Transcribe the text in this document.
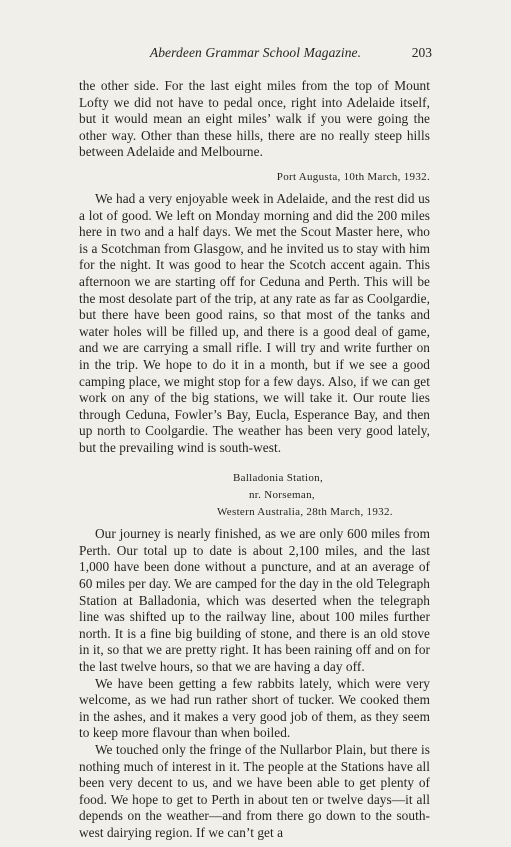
Aberdeen Grammar School Magazine.	203

the other side. For the last eight miles from the top of Mount Lofty we did not have to pedal once, right into Adelaide itself, but it would mean an eight miles’ walk if you were going the other way. Other than these hills, there are no really steep hills between Adelaide and Melbourne.

Port Augusta, 10th March, 1932.

We had a very enjoyable week in Adelaide, and the rest did us a lot of good. We left on Monday morning and did the 200 miles here in two and a half days. We met the Scout Master here, who is a Scotchman from Glasgow, and he invited us to stay with him for the night. It was good to hear the Scotch accent again. This afternoon we are starting off for Ceduna and Perth. This will be the most desolate part of the trip, at any rate as far as Coolgardie, but there have been good rains, so that most of the tanks and water holes will be filled up, and there is a good deal of game, and we are carrying a small rifle. I will try and write further on in the trip. We hope to do it in a month, but if we see a good camping place, we might stop for a few days. Also, if we can get work on any of the big stations, we will take it. Our route lies through Ceduna, Fowler’s Bay, Eucla, Esperance Bay, and then up north to Coolgardie. The weather has been very good lately, but the prevailing wind is south-west.

Balladonia Station,
nr. Norseman,
Western Australia, 28th March, 1932.

Our journey is nearly finished, as we are only 600 miles from Perth. Our total up to date is about 2,100 miles, and the last 1,000 have been done without a puncture, and at an average of 60 miles per day. We are camped for the day in the old Telegraph Station at Balladonia, which was deserted when the telegraph line was shifted up to the railway line, about 100 miles further north. It is a fine big building of stone, and there is an old stove in it, so that we are pretty right. It has been raining off and on for the last twelve hours, so that we are having a day off.

We have been getting a few rabbits lately, which were very welcome, as we had run rather short of tucker. We cooked them in the ashes, and it makes a very good job of them, as they seem to keep more flavour than when boiled.

We touched only the fringe of the Nullarbor Plain, but there is nothing much of interest in it. The people at the Stations have all been very decent to us, and we have been able to get plenty of food. We hope to get to Perth in about ten or twelve days—it all depends on the weather—and from there go down to the south-west dairying region. If we can’t get a
